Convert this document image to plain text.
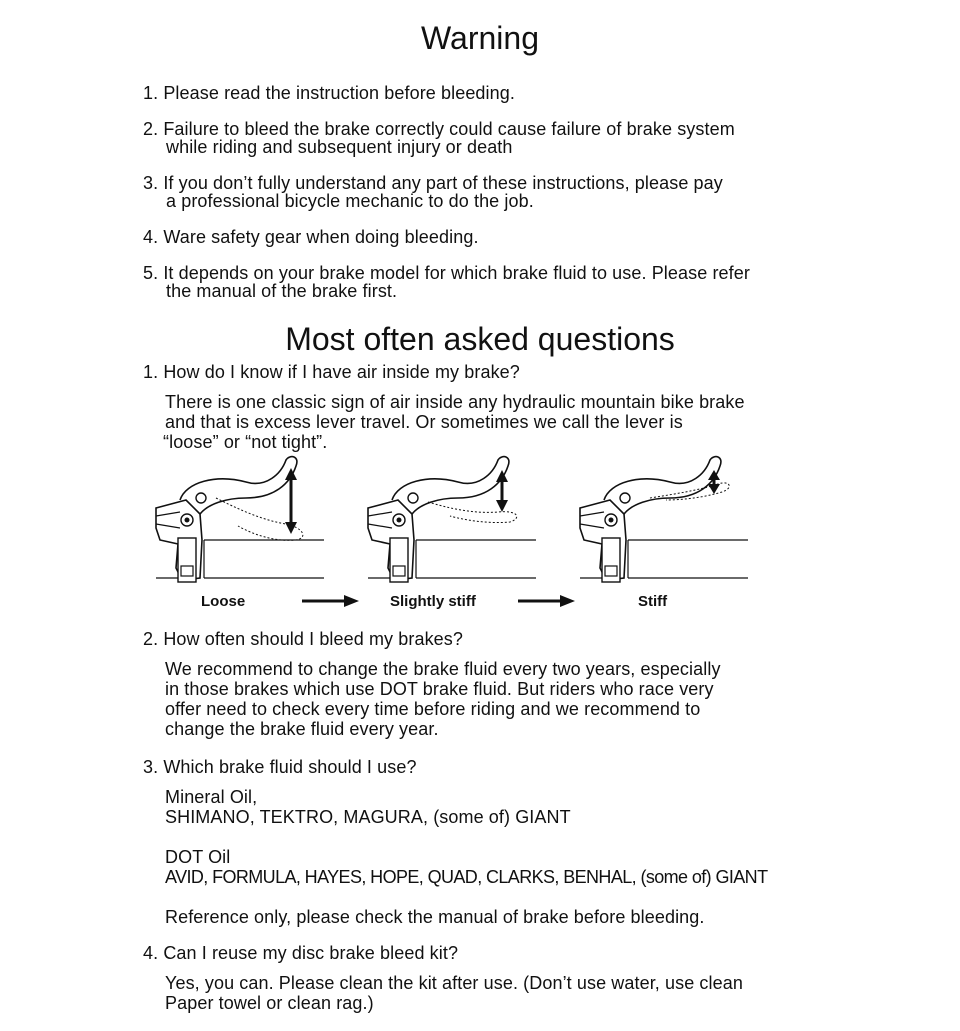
Warning
1. Please read the instruction before bleeding.
2. Failure to bleed the brake correctly could cause failure of brake system
while riding and subsequent injury or death
3. If you don’t fully understand any part of these instructions, please pay
a professional bicycle mechanic to do the job.
4. Ware safety gear when doing bleeding.
5. It depends on your brake model for which brake fluid to use. Please refer
the manual of the brake first.
Most often asked questions
1. How do I know if I have air inside my brake?
There is one classic sign of air inside any hydraulic mountain bike brake
and that is excess lever travel. Or sometimes we call the lever is
“loose” or “not tight”.
Loose	Slightly stiff	Stiff
2. How often should I bleed my brakes?
We recommend to change the brake fluid every two years, especially
in those brakes which use DOT brake fluid. But riders who race very
offer need to check every time before riding and we recommend to
change the brake fluid every year.
3. Which brake fluid should I use?
Mineral Oil,
SHIMANO, TEKTRO, MAGURA, (some of) GIANT
DOT Oil
AVID, FORMULA, HAYES, HOPE, QUAD, CLARKS, BENHAL, (some of) GIANT
Reference only, please check the manual of brake before bleeding.
4. Can I reuse my disc brake bleed kit?
Yes, you can. Please clean the kit after use. (Don’t use water, use clean
Paper towel or clean rag.)
